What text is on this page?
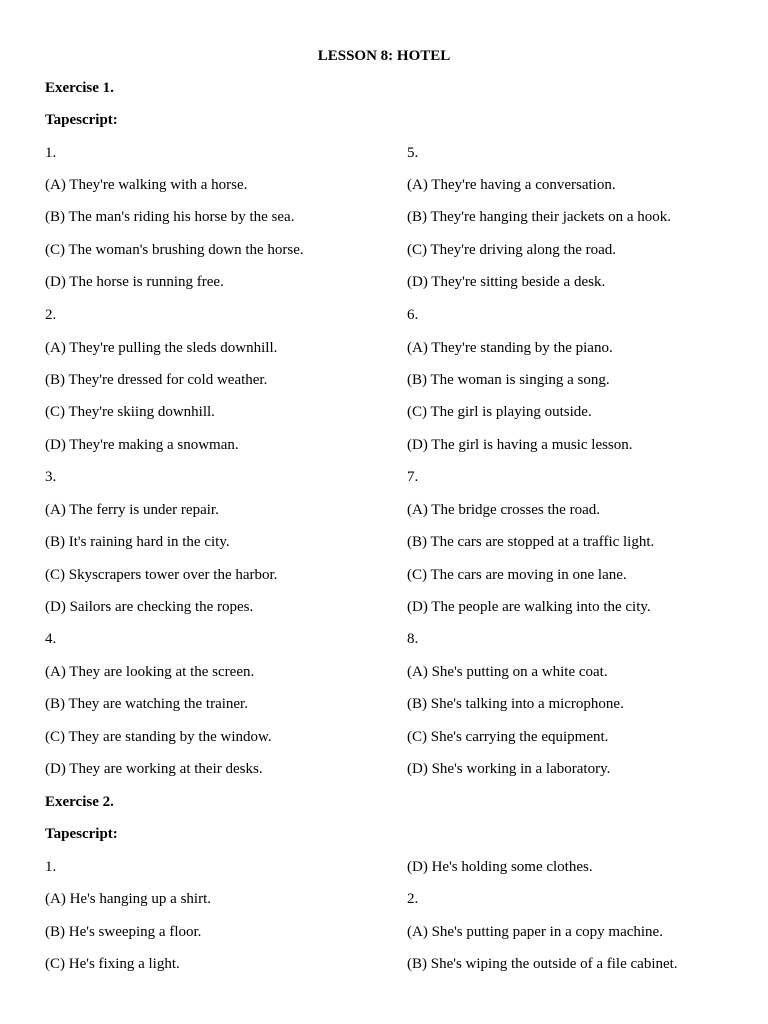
LESSON 8: HOTEL
Exercise 1.
Tapescript:
1.
(A) They're walking with a horse.
(B) The man's riding his horse by the sea.
(C) The woman's brushing down the horse.
(D) The horse is running free.
2.
(A) They're pulling the sleds downhill.
(B) They're dressed for cold weather.
(C) They're skiing downhill.
(D) They're making a snowman.
3.
(A) The ferry is under repair.
(B) It's raining hard in the city.
(C) Skyscrapers tower over the harbor.
(D) Sailors are checking the ropes.
4.
(A) They are looking at the screen.
(B) They are watching the trainer.
(C) They are standing by the window.
(D) They are working at their desks.
5.
(A) They're having a conversation.
(B) They're hanging their jackets on a hook.
(C) They're driving along the road.
(D) They're sitting beside a desk.
6.
(A) They're standing by the piano.
(B) The woman is singing a song.
(C) The girl is playing outside.
(D) The girl is having a music lesson.
7.
(A) The bridge crosses the road.
(B) The cars are stopped at a traffic light.
(C) The cars are moving in one lane.
(D) The people are walking into the city.
8.
(A) She's putting on a white coat.
(B) She's talking into a microphone.
(C) She's carrying the equipment.
(D) She's working in a laboratory.
Exercise 2.
Tapescript:
1.
(A) He's hanging up a shirt.
(B) He's sweeping a floor.
(C) He's fixing a light.
(D) He's holding some clothes.
2.
(A) She's putting paper in a copy machine.
(B) She's wiping the outside of a file cabinet.
